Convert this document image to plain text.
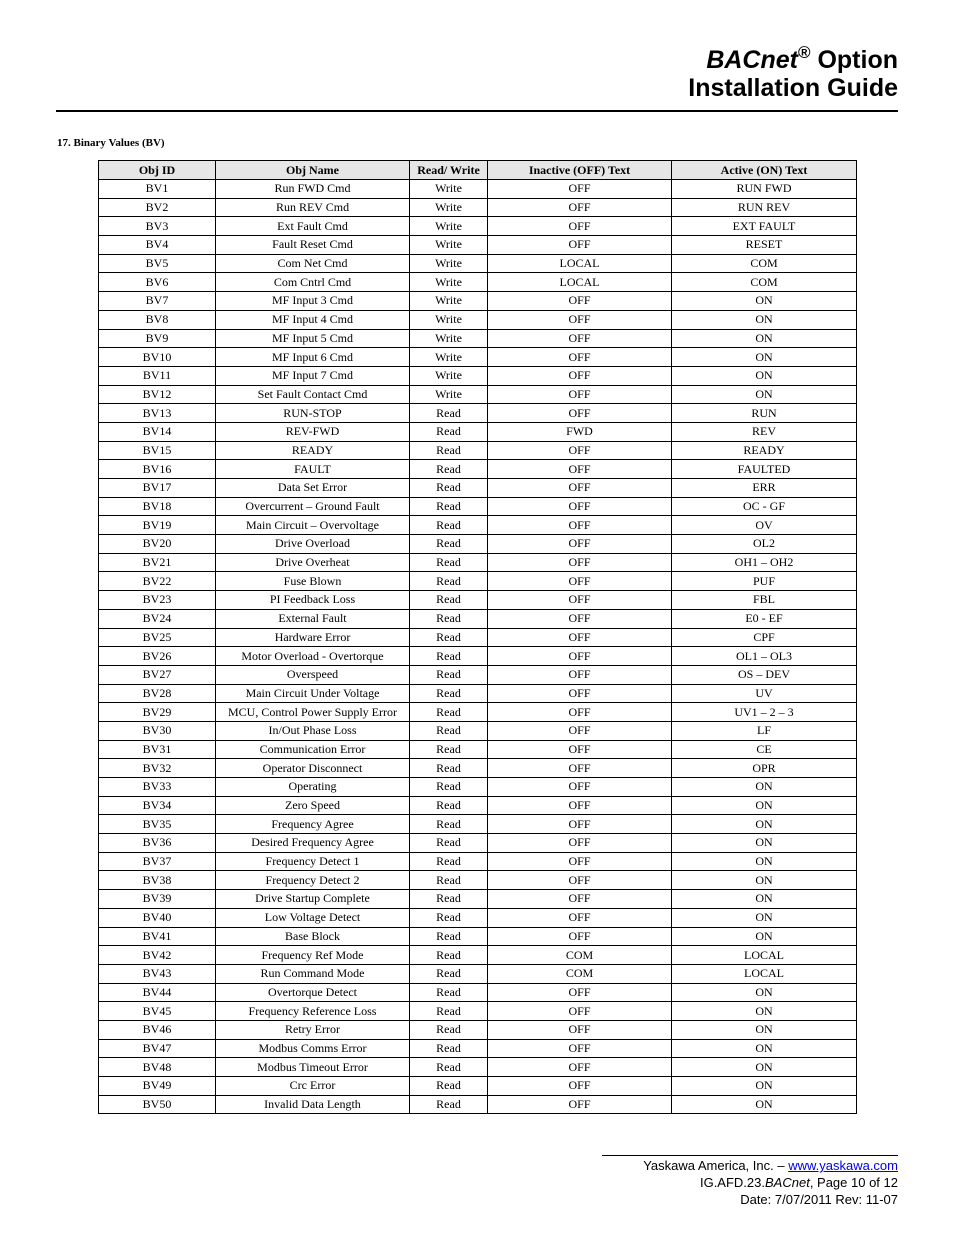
BACnet® Option
Installation Guide
17. Binary Values (BV)
Obj ID	Obj Name	Read/ Write	Inactive (OFF) Text	Active (ON) Text
BV1	Run FWD Cmd	Write	OFF	RUN FWD
BV2	Run REV Cmd	Write	OFF	RUN REV
BV3	Ext Fault Cmd	Write	OFF	EXT FAULT
BV4	Fault Reset Cmd	Write	OFF	RESET
BV5	Com Net Cmd	Write	LOCAL	COM
BV6	Com Cntrl Cmd	Write	LOCAL	COM
BV7	MF Input 3 Cmd	Write	OFF	ON
BV8	MF Input 4 Cmd	Write	OFF	ON
BV9	MF Input 5 Cmd	Write	OFF	ON
BV10	MF Input 6 Cmd	Write	OFF	ON
BV11	MF Input 7 Cmd	Write	OFF	ON
BV12	Set Fault Contact Cmd	Write	OFF	ON
BV13	RUN-STOP	Read	OFF	RUN
BV14	REV-FWD	Read	FWD	REV
BV15	READY	Read	OFF	READY
BV16	FAULT	Read	OFF	FAULTED
BV17	Data Set Error	Read	OFF	ERR
BV18	Overcurrent – Ground Fault	Read	OFF	OC - GF
BV19	Main Circuit – Overvoltage	Read	OFF	OV
BV20	Drive Overload	Read	OFF	OL2
BV21	Drive Overheat	Read	OFF	OH1 – OH2
BV22	Fuse Blown	Read	OFF	PUF
BV23	PI Feedback Loss	Read	OFF	FBL
BV24	External Fault	Read	OFF	E0 - EF
BV25	Hardware Error	Read	OFF	CPF
BV26	Motor Overload - Overtorque	Read	OFF	OL1 – OL3
BV27	Overspeed	Read	OFF	OS – DEV
BV28	Main Circuit Under Voltage	Read	OFF	UV
BV29	MCU, Control Power Supply Error	Read	OFF	UV1 – 2 – 3
BV30	In/Out Phase Loss	Read	OFF	LF
BV31	Communication Error	Read	OFF	CE
BV32	Operator Disconnect	Read	OFF	OPR
BV33	Operating	Read	OFF	ON
BV34	Zero Speed	Read	OFF	ON
BV35	Frequency Agree	Read	OFF	ON
BV36	Desired Frequency Agree	Read	OFF	ON
BV37	Frequency Detect 1	Read	OFF	ON
BV38	Frequency Detect 2	Read	OFF	ON
BV39	Drive Startup Complete	Read	OFF	ON
BV40	Low Voltage Detect	Read	OFF	ON
BV41	Base Block	Read	OFF	ON
BV42	Frequency Ref Mode	Read	COM	LOCAL
BV43	Run Command Mode	Read	COM	LOCAL
BV44	Overtorque Detect	Read	OFF	ON
BV45	Frequency Reference Loss	Read	OFF	ON
BV46	Retry Error	Read	OFF	ON
BV47	Modbus Comms Error	Read	OFF	ON
BV48	Modbus Timeout Error	Read	OFF	ON
BV49	Crc Error	Read	OFF	ON
BV50	Invalid Data Length	Read	OFF	ON
Yaskawa America, Inc. – www.yaskawa.com
IG.AFD.23.BACnet, Page 10 of 12
Date: 7/07/2011 Rev: 11-07
